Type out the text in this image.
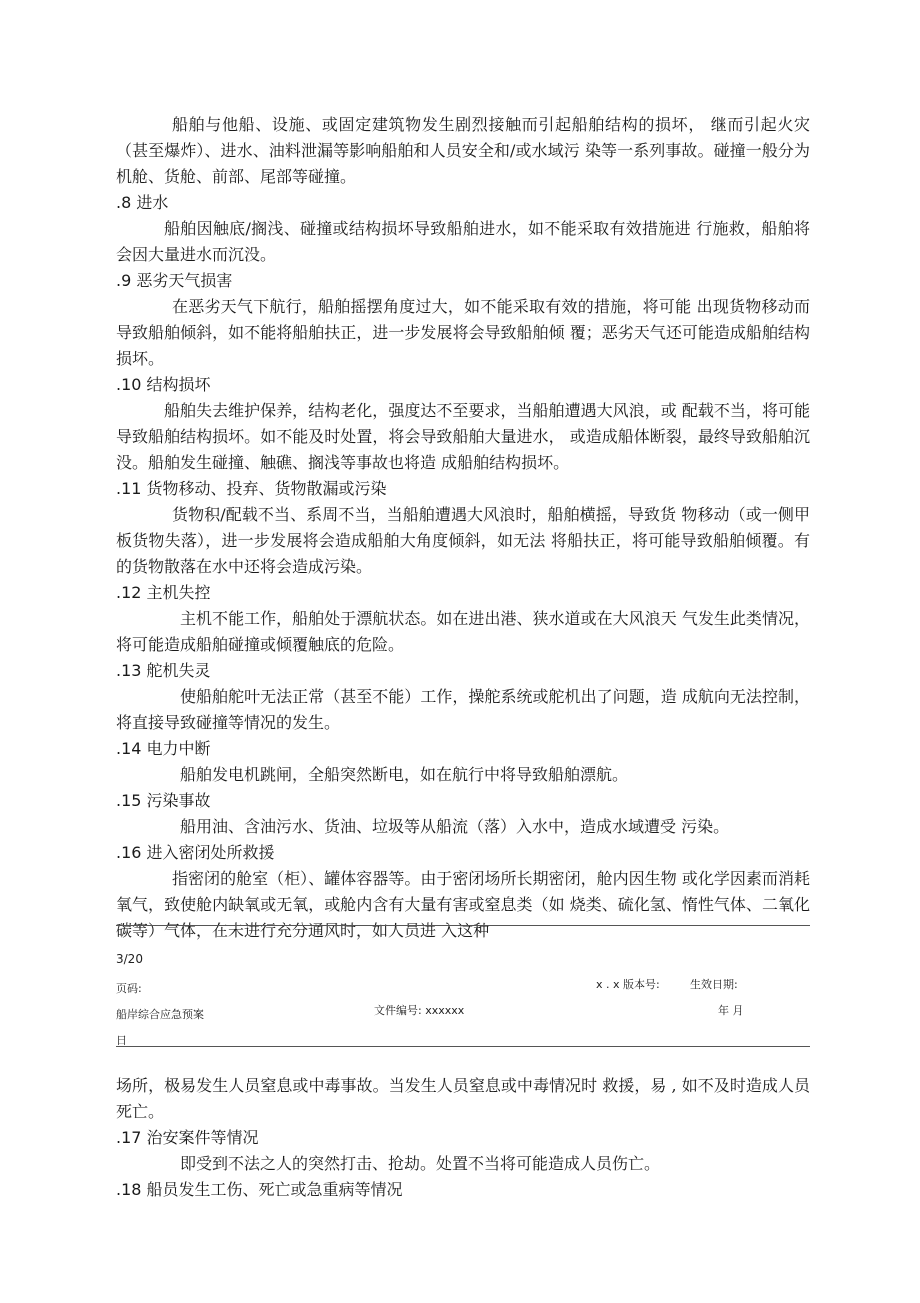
船舶与他船、设施、或固定建筑物发生剧烈接触而引起船舶结构的损坏， 继而引起火灾（甚至爆炸）、进水、油料泄漏等影响船舶和人员安全和/或水域污 染等一系列事故。碰撞一般分为机舱、货舱、前部、尾部等碰撞。

.8 进水

船舶因触底/搁浅、碰撞或结构损坏导致船舶进水，如不能采取有效措施进 行施救，船舶将会因大量进水而沉没。

.9 恶劣天气损害

在恶劣天气下航行，船舶摇摆角度过大，如不能采取有效的措施，将可能 出现货物移动而导致船舶倾斜，如不能将船舶扶正，进一步发展将会导致船舶倾 覆；恶劣天气还可能造成船舶结构损坏。

.10 结构损坏

船舶失去维护保养，结构老化，强度达不至要求，当船舶遭遇大风浪，或 配载不当，将可能导致船舶结构损坏。如不能及时处置，将会导致船舶大量进水， 或造成船体断裂，最终导致船舶沉没。船舶发生碰撞、触礁、搁浅等事故也将造 成船舶结构损坏。

.11 货物移动、投弃、货物散漏或污染

货物积/配载不当、系周不当，当船舶遭遇大风浪时，船舶横摇，导致货 物移动（或一侧甲板货物失落），进一步发展将会造成船舶大角度倾斜，如无法 将船扶正，将可能导致船舶倾覆。有的货物散落在水中还将会造成污染。

.12 主机失控

主机不能工作，船舶处于漂航状态。如在进出港、狭水道或在大风浪天 气发生此类情况，将可能造成船舶碰撞或倾覆触底的危险。

.13 舵机失灵

使船舶舵叶无法正常（甚至不能）工作，操舵系统或舵机出了问题，造 成航向无法控制，将直接导致碰撞等情况的发生。

.14 电力中断

船舶发电机跳闸，全船突然断电，如在航行中将导致船舶漂航。

.15 污染事故

船用油、含油污水、货油、垃圾等从船流（落）入水中，造成水域遭受 污染。

.16 进入密闭处所救援

指密闭的舱室（柜）、罐体容器等。由于密闭场所长期密闭，舱内因生物 或化学因素而消耗氧气，致使舱内缺氧或无氧，或舱内含有大量有害或窒息类（如 烧类、硫化氢、惰性气体、二氧化碳等）气体，在未进行充分通风时，如人员进 入这种

3/20
页码:	x . x 版本号:	生效日期:
船岸综合应急预案	文件编号: xxxxxx	年 月
日

场所，极易发生人员窒息或中毒事故。当发生人员窒息或中毒情况时 救援，易 , 如不及时造成人员死亡。

.17 治安案件等情况

即受到不法之人的突然打击、抢劫。处置不当将可能造成人员伤亡。

.18 船员发生工伤、死亡或急重病等情况
